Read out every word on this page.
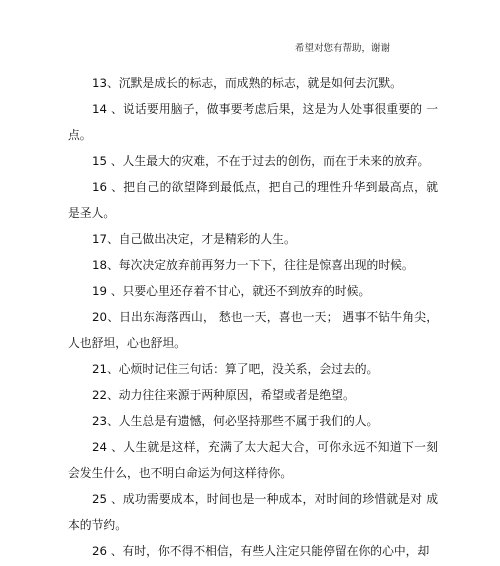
希望对您有帮助，谢谢

13、沉默是成长的标志，而成熟的标志，就是如何去沉默。

14 、说话要用脑子，做事要考虑后果，这是为人处事很重要的 一点。

15 、人生最大的灾难，不在于过去的创伤，而在于未来的放弃。

16 、把自己的欲望降到最低点，把自己的理性升华到最高点，就是圣人。

17、自己做出决定，才是精彩的人生。

18、每次决定放弃前再努力一下下，往往是惊喜出现的时候。

19 、只要心里还存着不甘心，就还不到放弃的时候。

20、日出东海落西山， 愁也一天，喜也一天； 遇事不钻牛角尖，人也舒坦，心也舒坦。

21、心烦时记住三句话：算了吧，没关系，会过去的。

22、动力往往来源于两种原因，希望或者是绝望。

23、人生总是有遗憾，何必坚持那些不属于我们的人。

24 、人生就是这样，充满了太大起大合，可你永远不知道下一刻 会发生什么，也不明白命运为何这样待你。

25 、成功需要成本，时间也是一种成本，对时间的珍惜就是对 成本的节约。

26 、有时，你不得不相信，有些人注定只能停留在你的心中，却
